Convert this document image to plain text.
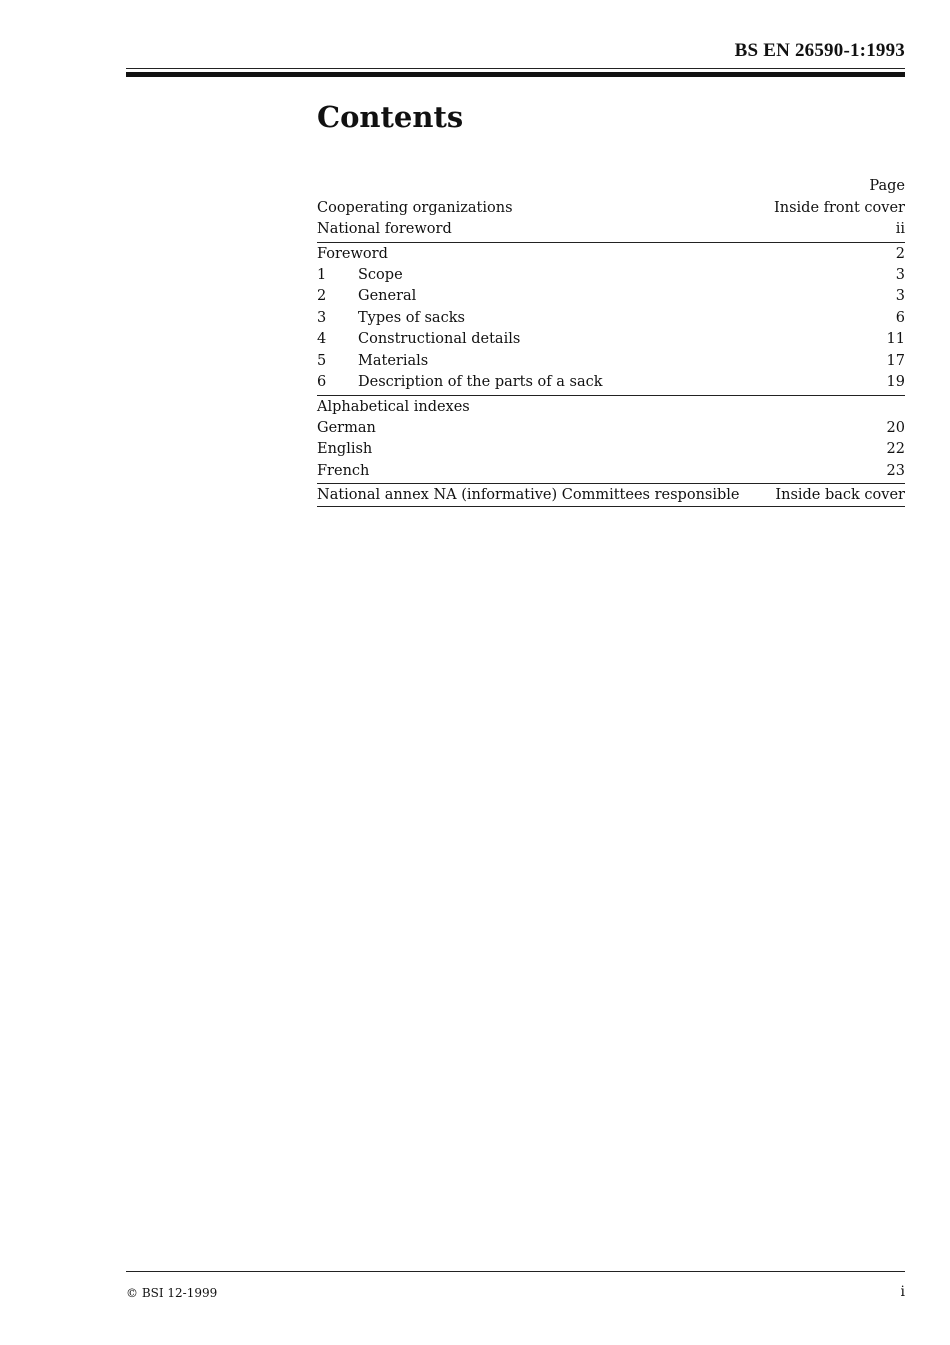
BS EN 26590-1:1993
Contents
Page
Cooperating organizations	Inside front cover
National foreword	ii
Foreword	2
1	Scope	3
2	General	3
3	Types of sacks	6
4	Constructional details	11
5	Materials	17
6	Description of the parts of a sack	19
Alphabetical indexes
German	20
English	22
French	23
National annex NA (informative) Committees responsible Inside back cover
© BSI 12-1999	i
